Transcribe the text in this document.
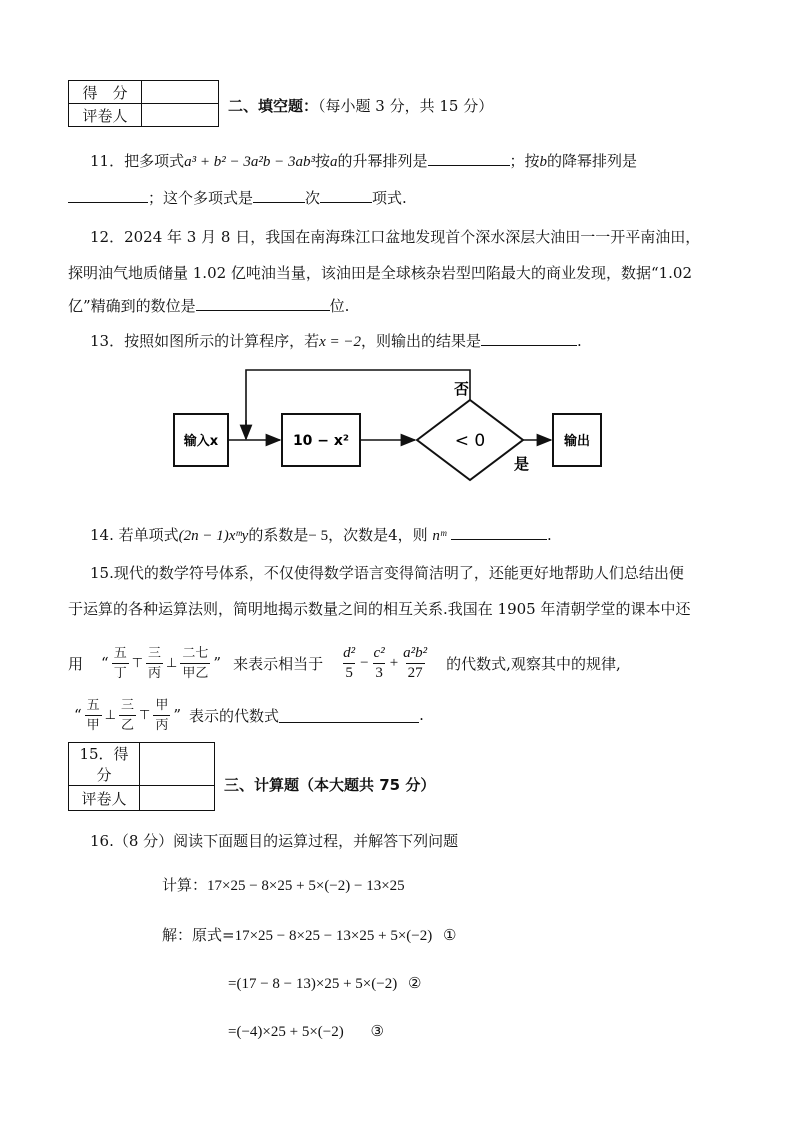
得　分	
评卷人	
二、填空题：（每小题 3 分，共 15 分）
11．把多项式a³ + b² − 3a²b − 3ab³按a的升幂排列是	；按b的降幂排列是
；这个多项式是	次	项式.
12．2024 年 3 月 8 日，我国在南海珠江口盆地发现首个深水深层大油田一一开平南油田，
探明油气地质储量 1.02 亿吨油当量，该油田是全球核杂岩型凹陷最大的商业发现，数据“1.02
亿”精确到的数位是	位.
13．按照如图所示的计算程序，若x = −2，则输出的结果是	.
输入x	10 − x²	< 0	输出
否
是
14. 若单项式(2n − 1)xᵐy的系数是− 5，次数是4，则 nᵐ	.
15.现代的数学符号体系，不仅使得数学语言变得简洁明了，还能更好地帮助人们总结出便
于运算的各种运算法则，简明地揭示数量之间的相互关系.我国在 1905 年清朝学堂的课本中还
用 “ $\frac{\text{五}}{\text{丁}}$ ⊤ $\frac{\text{三}}{\text{丙}}$ ⊥ $\frac{\text{二七}}{\text{甲乙}}$ ” 来表示相当于 $\frac{\text{d²}}{5} - \frac{\text{c²}}{3} + \frac{\text{a²b²}}{27}$ 的代数式,观察其中的规律,
“ $\frac{\text{五}}{\text{甲}}$ ⊥ $\frac{\text{三}}{\text{乙}}$ ⊤ $\frac{\text{甲}}{\text{丙}}$ ” 表示的代数式	.
15．得	
分	
评卷人	
三、计算题（本大题共 75 分）
16.（8 分）阅读下面题目的运算过程，并解答下列问题
计算：17×25 − 8×25 + 5×(−2) − 13×25
解：原式=17×25 − 8×25 − 13×25 + 5×(−2) ①
=(17 − 8 − 13)×25 + 5×(−2) ②
=(−4)×25 + 5×(−2) ③
